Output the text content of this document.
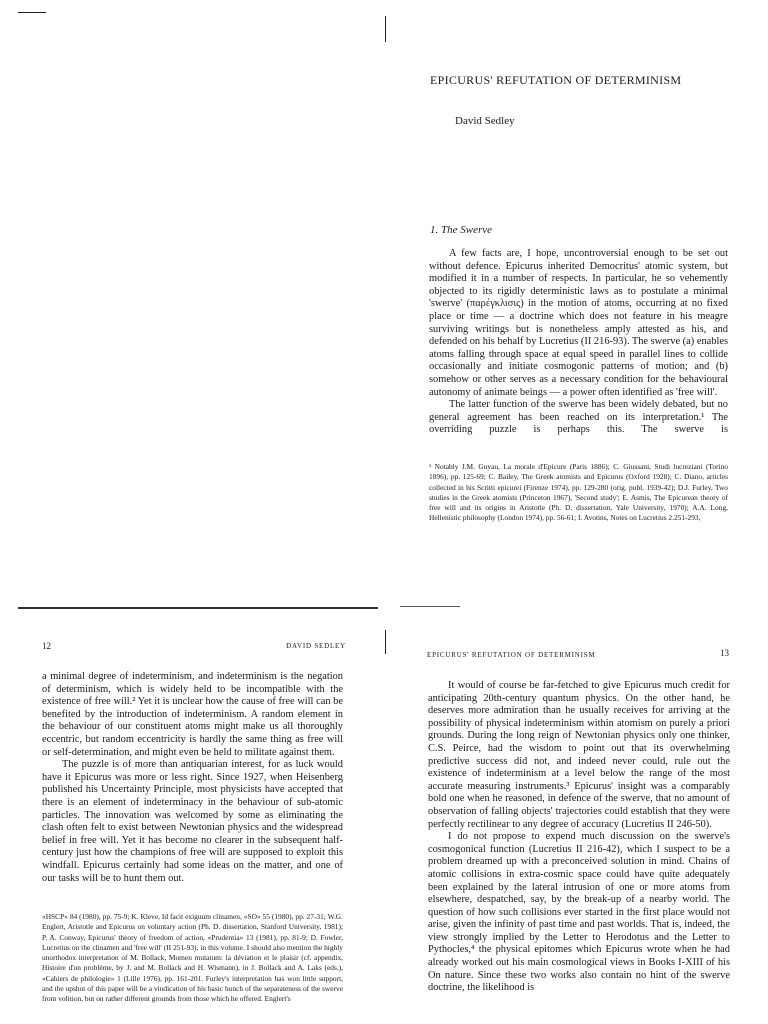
EPICURUS' REFUTATION OF DETERMINISM
David Sedley
1. The Swerve

A few facts are, I hope, uncontroversial enough to be set out without defence. Epicurus inherited Democritus' atomic system, but modified it in a number of respects. In particular, he so vehemently objected to its rigidly deterministic laws as to postulate a minimal 'swerve' (παρέγκλισις) in the motion of atoms, occurring at no fixed place or time — a doctrine which does not feature in his meagre surviving writings but is nonetheless amply attested as his, and defended on his behalf by Lucretius (II 216-93). The swerve (a) enables atoms falling through space at equal speed in parallel lines to collide occasionally and initiate cosmogonic patterns of motion; and (b) somehow or other serves as a necessary condition for the behavioural autonomy of animate beings — a power often identified as 'free will'.

The latter function of the swerve has been widely debated, but no general agreement has been reached on its interpretation.¹ The overriding puzzle is perhaps this. The swerve is

¹ Notably J.M. Guyau, La morale d'Epicure (Paris 1886); C. Giussani, Studi lucreziani (Torino 1896), pp. 125-69; C. Bailey, The Greek atomists and Epicurus (Oxford 1928); C. Diano, articles collected in his Scritti epicurei (Firenze 1974), pp. 129-280 (orig. publ. 1939-42); D.J. Furley, Two studies in the Greek atomists (Princeton 1967), 'Second study'; E. Asmis, The Epicurean theory of free will and its origins in Aristotle (Ph. D. dissertation, Yale University, 1970); A.A. Long, Hellenistic philosophy (London 1974), pp. 56-61; I. Avotins, Notes on Lucretius 2.251-293,

12	DAVID SEDLEY

a minimal degree of indeterminism, and indeterminism is the negation of determinism, which is widely held to be incompatible with the existence of free will.² Yet it is unclear how the cause of free will can be benefited by the introduction of indeterminism. A random element in the behaviour of our constituent atoms might make us all thoroughly eccentric, but random eccentricity is hardly the same thing as free will or self-determination, and might even be held to militate against them.

The puzzle is of more than antiquarian interest, for as luck would have it Epicurus was more or less right. Since 1927, when Heisenberg published his Uncertainty Principle, most physicists have accepted that there is an element of indeterminacy in the behaviour of sub-atomic particles. The innovation was welcomed by some as eliminating the clash often felt to exist between Newtonian physics and the widespread belief in free will. Yet it has become no clearer in the subsequent half-century just how the champions of free will are supposed to exploit this windfall. Epicurus certainly had some ideas on the matter, and one of our tasks will be to hunt them out.

«HSCP» 84 (1980), pp. 75-9; K. Kleve, Id facit exiguum clinamen, «SO» 55 (1980), pp. 27-31; W.G. Englert, Aristotle and Epicurus on voluntary action (Ph. D. dissertation, Stanford University, 1981); P. A. Conway, Epicurus' theory of freedom of action, «Prudentia» 13 (1981), pp. 81-9; D. Fowler, Lucretius on the clinamen and 'free will' (II 251-93), in this volume. I should also mention the highly unorthodox interpretation of M. Bollack, Momen mutatum: la déviation et le plaisir (cf. appendix, Histoire d'un problème, by J. and M. Bollack and H. Wismann), in J. Bollack and A. Laks (eds.), «Cahiers de philologie» 1 (Lille 1976), pp. 161-201. Furley's interpretation has won little support, and the upshot of this paper will be a vindication of his basic hunch of the separateness of the swerve from volition, but on rather different grounds from those which he offered. Englert's

EPICURUS' REFUTATION OF DETERMINISM	13

It would of course be far-fetched to give Epicurus much credit for anticipating 20th-century quantum physics. On the other hand, he deserves more admiration than he usually receives for arriving at the possibility of physical indeterminism within atomism on purely a priori grounds. During the long reign of Newtonian physics only one thinker, C.S. Peirce, had the wisdom to point out that its overwhelming predictive success did not, and indeed never could, rule out the existence of indeterminism at a level below the range of the most accurate measuring instruments.³ Epicurus' insight was a comparably bold one when he reasoned, in defence of the swerve, that no amount of observation of falling objects' trajectories could establish that they were perfectly rectilinear to any degree of accuracy (Lucretius II 246-50).

I do not propose to expend much discussion on the swerve's cosmogonical function (Lucretius II 216-42), which I suspect to be a problem dreamed up with a preconceived solution in mind. Chains of atomic collisions in extra-cosmic space could have quite adequately been explained by the lateral intrusion of one or more atoms from elsewhere, despatched, say, by the break-up of a nearby world. The question of how such collisions ever started in the first place would not arise, given the infinity of past time and past worlds. That is, indeed, the view strongly implied by the Letter to Herodotus and the Letter to Pythocles,⁴ the physical epitomes which Epicurus wrote when he had already worked out his main cosmological views in Books I-XIII of his On nature. Since these two works also contain no hint of the swerve doctrine, the likelihood is
